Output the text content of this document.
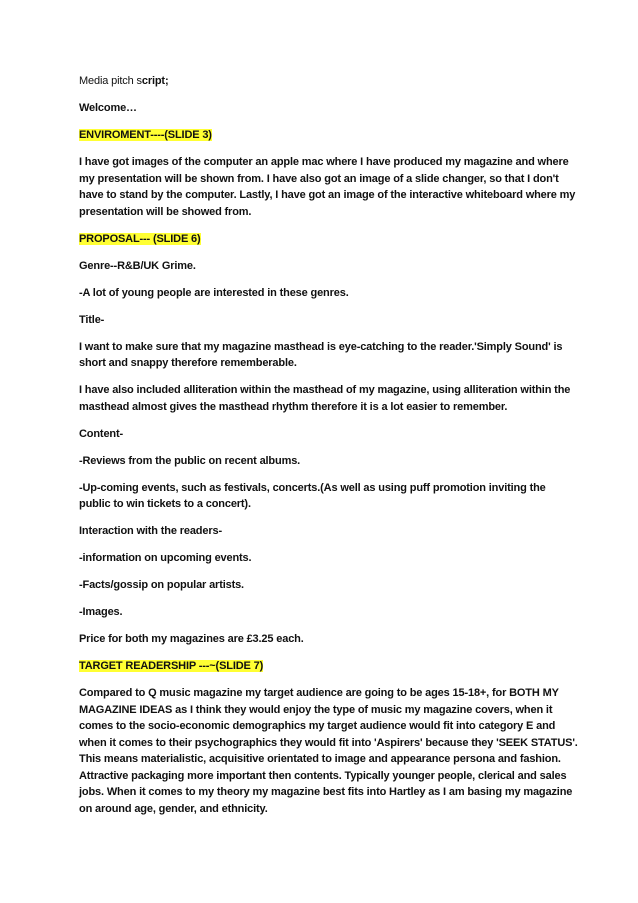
Media pitch script;

Welcome…

ENVIROMENT----(SLIDE 3)

I have got images of the computer an apple mac where I have produced my magazine and where my presentation will be shown from. I have also got an image of a slide changer, so that I don't have to stand by the computer. Lastly, I have got an image of the interactive whiteboard where my presentation will be showed from.

PROPOSAL--- (SLIDE 6)

Genre--R&B/UK Grime.

-A lot of young people are interested in these genres.

Title-

I want to make sure that my magazine masthead is eye-catching to the reader.'Simply Sound' is short and snappy therefore rememberable.

I have also included alliteration within the masthead of my magazine, using alliteration within the masthead almost gives the masthead rhythm therefore it is a lot easier to remember.

Content-

-Reviews from the public on recent albums.

-Up-coming events, such as festivals, concerts.(As well as using puff promotion inviting the public to win tickets to a concert).

Interaction with the readers-

-information on upcoming events.

-Facts/gossip on popular artists.

-Images.

Price for both my magazines are £3.25 each.

TARGET READERSHIP ---~(SLIDE 7)

Compared to Q music magazine my target audience are going to be ages 15-18+, for BOTH MY MAGAZINE IDEAS as I think they would enjoy the type of music my magazine covers, when it comes to the socio-economic demographics my target audience would fit into category E and when it comes to their psychographics they would fit into 'Aspirers' because they 'SEEK STATUS'. This means materialistic, acquisitive orientated to image and appearance persona and fashion. Attractive packaging more important then contents. Typically younger people, clerical and sales jobs. When it comes to my theory my magazine best fits into Hartley as I am basing my magazine on around age, gender, and ethnicity.
